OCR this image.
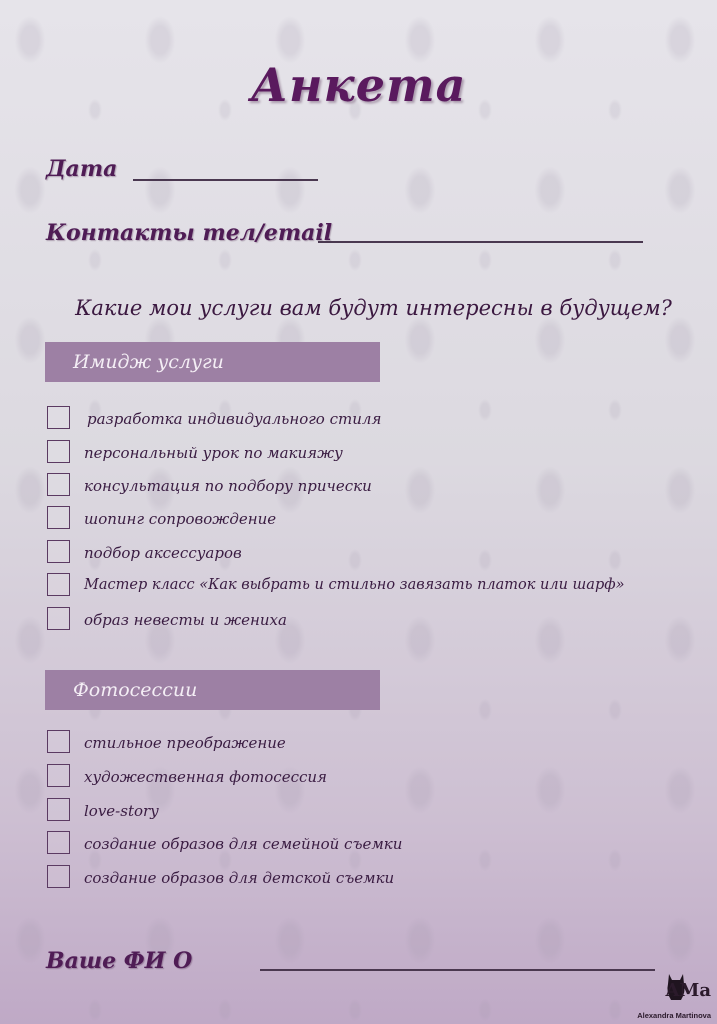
Анкета
Дата
Контакты тел/email
Какие мои услуги вам будут интересны в будущем?
Имидж услуги
разработка индивидуального стиля
персональный урок по макияжу
консультация по подбору прически
шопинг сопровождение
подбор аксессуаров
Мастер класс «Как выбрать и стильно завязать платок или шарф»
образ невесты и жениха
Фотосессии
стильное преображение
художественная фотосессия
love-story
создание образов для семейной съемки
создание образов для детской съемки
Ваше ФИ О
AMa
Alexandra Martinova
